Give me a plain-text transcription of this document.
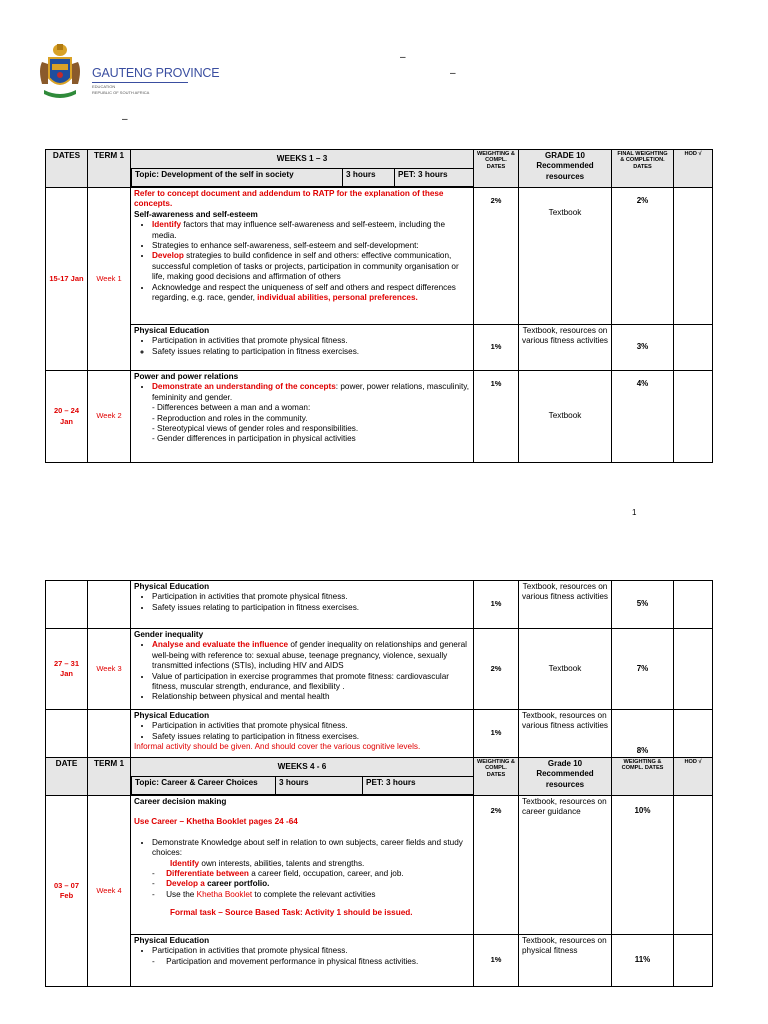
GAUTENG PROVINCE
EDUCATION
REPUBLIC OF SOUTH AFRICA
–
–
–
DATES	TERM 1	WEEKS 1 – 3
Topic: Development of the self in society	3 hours	PET: 3 hours
	WEIGHTING & COMPL. DATES	GRADE 10 Recommended resources	FINAL WEIGHTING & COMPLETION. DATES	HOD √
15-17 Jan	Week 1	
Refer to concept document and addendum to RATP for the explanation of these concepts.
Self-awareness and self-esteem
• Identify factors that may influence self-awareness and self-esteem, including the media.
• Strategies to enhance self-awareness, self-esteem and self-development:
• Develop strategies to build confidence in self and others: effective communication, successful completion of tasks or projects, participation in community organisation or life, making good decisions and affirmation of others
• Acknowledge and respect the uniqueness of self and others and respect differences regarding, e.g. race, gender, individual abilities, personal preferences.
	2%	Textbook	2%	

Physical Education
• Participation in activities that promote physical fitness.
◦ Safety issues relating to participation in fitness exercises.
	1%	Textbook, resources on various fitness activities	3%	
20 – 24 Jan	Week 2	
Power and power relations
• Demonstrate an understanding of the concepts: power, power relations, masculinity, femininity and gender.
- Differences between a man and a woman:
- Reproduction and roles in the community.
- Stereotypical views of gender roles and responsibilities.
- Gender differences in participation in physical activities
	1%	Textbook	4%	
1

Physical Education
• Participation in activities that promote physical fitness.
• Safety issues relating to participation in fitness exercises.	1%	Textbook, resources on various fitness activities	5%	
27 – 31 Jan	Week 3	
Gender inequality
• Analyse and evaluate the influence of gender inequality on relationships and general well-being with reference to: sexual abuse, teenage pregnancy, violence, sexually transmitted infections (STIs), including HIV and AIDS
• Value of participation in exercise programmes that promote fitness: cardiovascular fitness, muscular strength, endurance, and flexibility .
• Relationship between physical and mental health
	2%	Textbook	7%	

Physical Education
• Participation in activities that promote physical fitness.
• Safety issues relating to participation in fitness exercises.
Informal activity should be given. And should cover the various cognitive levels.
	1%	Textbook, resources on various fitness activities	8%	
DATE	TERM 1	WEEKS 4 - 6
Topic: Career & Career Choices	3 hours	PET: 3 hours
	WEIGHTING & COMPL. DATES	Grade 10 Recommended resources	WEIGHTING & COMPL. DATES	HOD √
03 – 07 Feb	Week 4	
Career decision making
Use Career – Khetha Booklet pages 24 -64
• Demonstrate Knowledge about self in relation to own subjects, career fields and study choices:
Identify own interests, abilities, talents and strengths.
-     Differentiate between a career field, occupation, career, and job.
-     Develop a career portfolio.
-     Use the Khetha Booklet to complete the relevant activities
Formal task – Source Based Task: Activity 1 should be issued.
	2%	Textbook, resources on career guidance	10%	

Physical Education
• Participation in activities that promote physical fitness.
-     Participation and movement performance in physical fitness activities.	1%	Textbook, resources on physical fitness	11%	
